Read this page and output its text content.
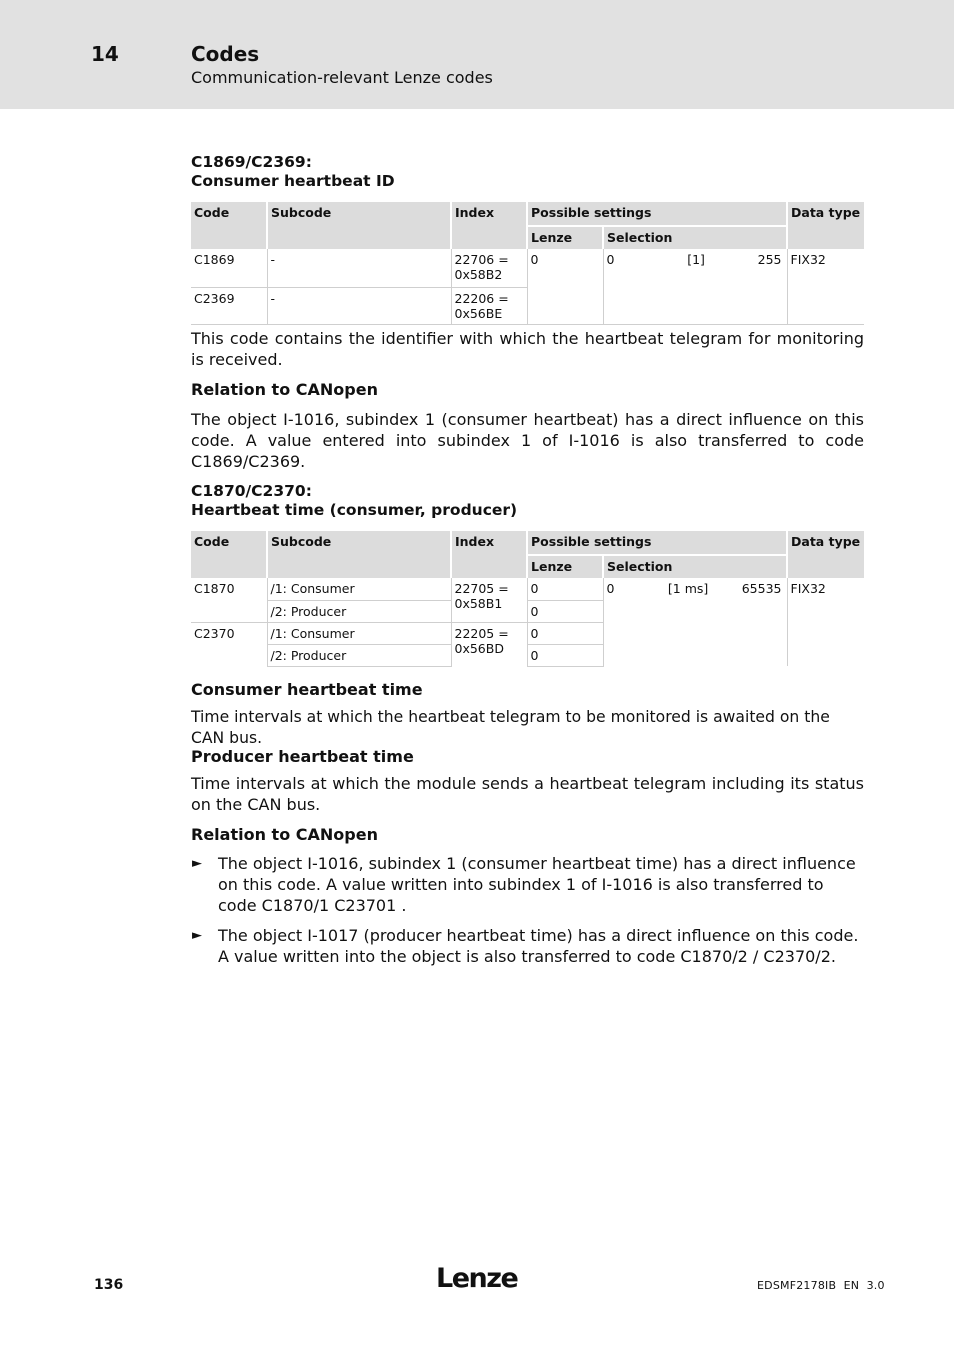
14	Codes
Communication-relevant Lenze codes
C1869/C2369:
Consumer heartbeat ID
Code	Subcode	Index	Possible settings		Data type
			Lenze	Selection	
C1869	-	22706 = 0x58B2	0	0 [1] 255	FIX32
C2369	-	22206 = 0x56BE			
This code contains the identifier with which the heartbeat telegram for monitoring is received.
Relation to CANopen
The object I-1016, subindex 1 (consumer heartbeat) has a direct influence on this code. A value entered into subindex 1 of I-1016 is also transferred to code C1869/C2369.
C1870/C2370:
Heartbeat time (consumer, producer)
Code	Subcode	Index	Possible settings		Data type
			Lenze	Selection	
C1870	/1: Consumer	22705 = 0x58B1	0	0 [1 ms] 65535	FIX32
	/2: Producer		0		
C2370	/1: Consumer	22205 = 0x56BD	0		
	/2: Producer		0		
Consumer heartbeat time
Time intervals at which the heartbeat telegram to be monitored is awaited on the CAN bus.
Producer heartbeat time
Time intervals at which the module sends a heartbeat telegram including its status on the CAN bus.
Relation to CANopen
► The object I-1016, subindex 1 (consumer heartbeat time) has a direct influence on this code. A value written into subindex 1 of I-1016 is also transferred to code C1870/1 C23701 .
► The object I-1017 (producer heartbeat time) has a direct influence on this code. A value written into the object is also transferred to code C1870/2 / C2370/2.
136	Lenze	EDSMF2178IB  EN  3.0
